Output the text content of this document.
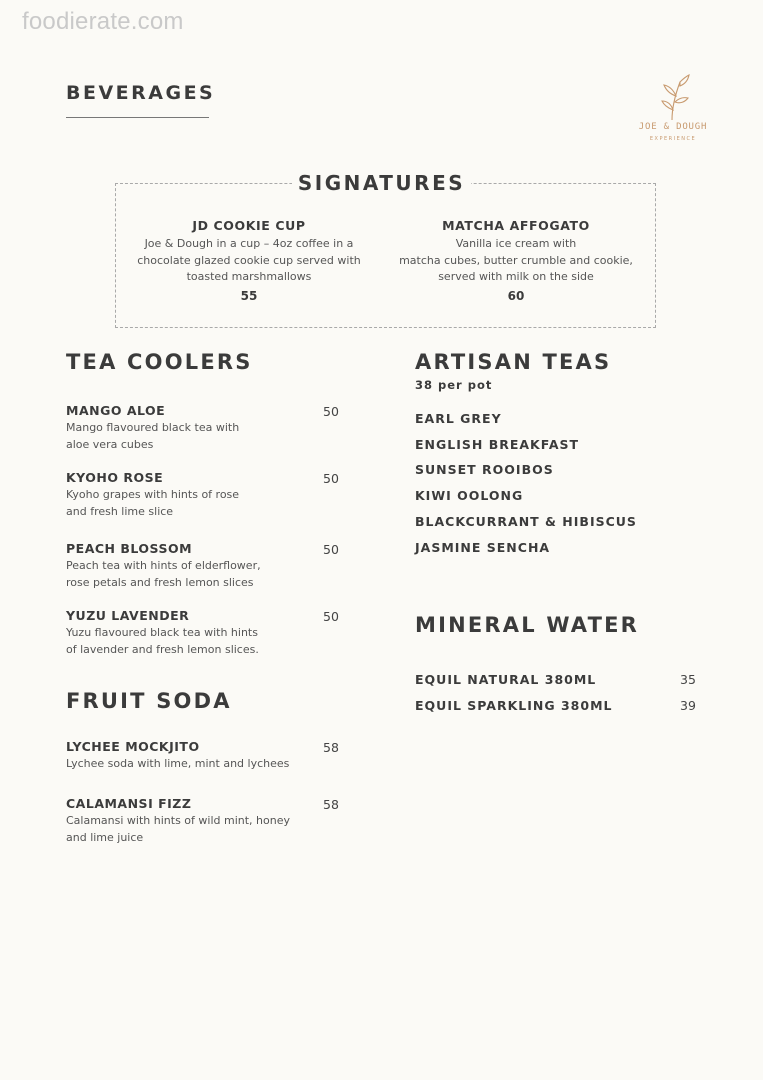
foodierate.com
BEVERAGES
JOE & DOUGH
EXPERIENCE
SIGNATURES
JD COOKIE CUP
Joe & Dough in a cup – 4oz coffee in a
chocolate glazed cookie cup served with
toasted marshmallows
55
MATCHA AFFOGATO
Vanilla ice cream with
matcha cubes, butter crumble and cookie,
served with milk on the side
60
TEA COOLERS
MANGO ALOE
Mango flavoured black tea with
aloe vera cubes
50
KYOHO ROSE
Kyoho grapes with hints of rose
and fresh lime slice
50
PEACH BLOSSOM
Peach tea with hints of elderflower,
rose petals and fresh lemon slices
50
YUZU LAVENDER
Yuzu flavoured black tea with hints
of lavender and fresh lemon slices.
50
FRUIT SODA
LYCHEE MOCKJITO
Lychee soda with lime, mint and lychees
58
CALAMANSI FIZZ
Calamansi with hints of wild mint, honey
and lime juice
58
ARTISAN TEAS
38 per pot
EARL GREY
ENGLISH BREAKFAST
SUNSET ROOIBOS
KIWI OOLONG
BLACKCURRANT & HIBISCUS
JASMINE SENCHA
MINERAL WATER
EQUIL NATURAL 380ML	35
EQUIL SPARKLING 380ML	39
